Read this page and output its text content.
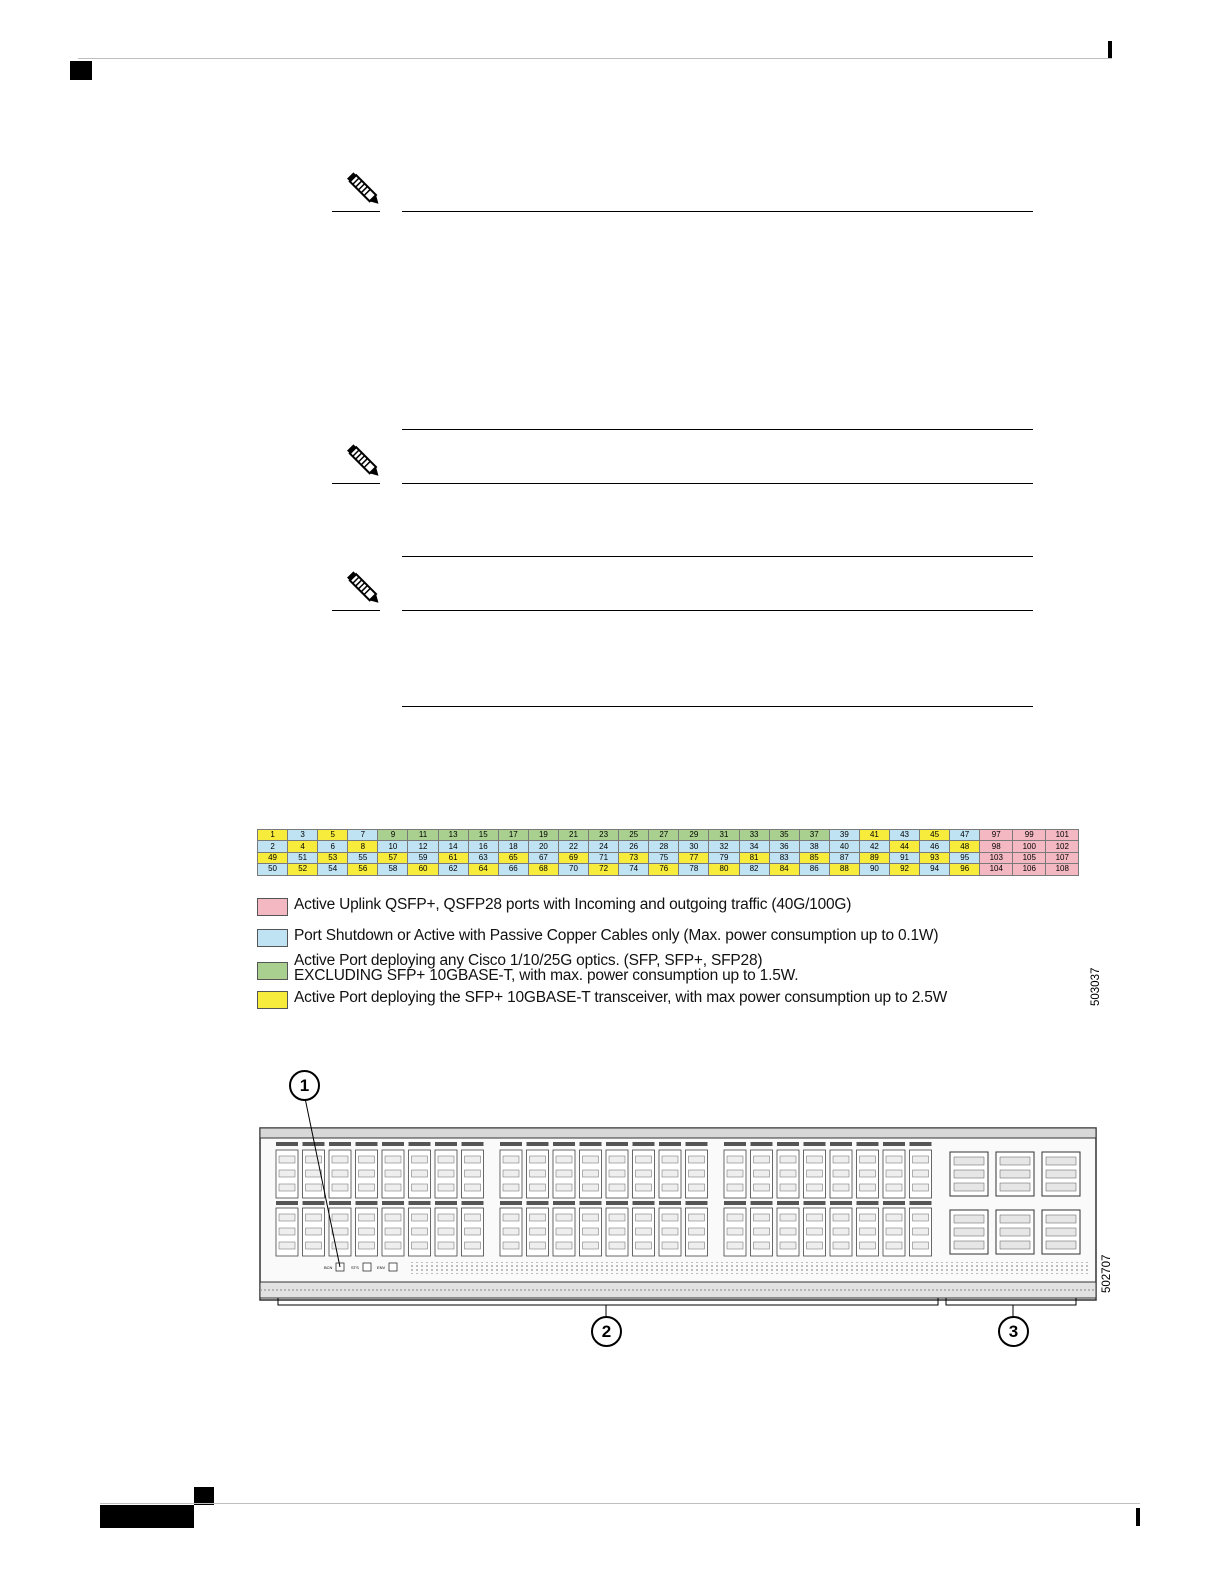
1	3	5	7	9	11	13	15	17	19	21	23	25	27	29	31	33	35	37	39	41	43	45	47	97	99	101
2	4	6	8	10	12	14	16	18	20	22	24	26	28	30	32	34	36	38	40	42	44	46	48	98	100	102
49	51	53	55	57	59	61	63	65	67	69	71	73	75	77	79	81	83	85	87	89	91	93	95	103	105	107
50	52	54	56	58	60	62	64	66	68	70	72	74	76	78	80	82	84	86	88	90	92	94	96	104	106	108
Active Uplink QSFP+, QSFP28 ports with Incoming and outgoing traffic (40G/100G)
Port Shutdown or Active with Passive Copper Cables only (Max. power consumption up to 0.1W)
Active Port deploying any Cisco 1/10/25G optics. (SFP, SFP+, SFP28)
EXCLUDING SFP+ 10GBASE-T, with max. power consumption up to 1.5W.
Active Port deploying the SFP+ 10GBASE-T transceiver, with max power consumption up to 2.5W	503037
BCN	STS	ENV
1
2	3
502707
